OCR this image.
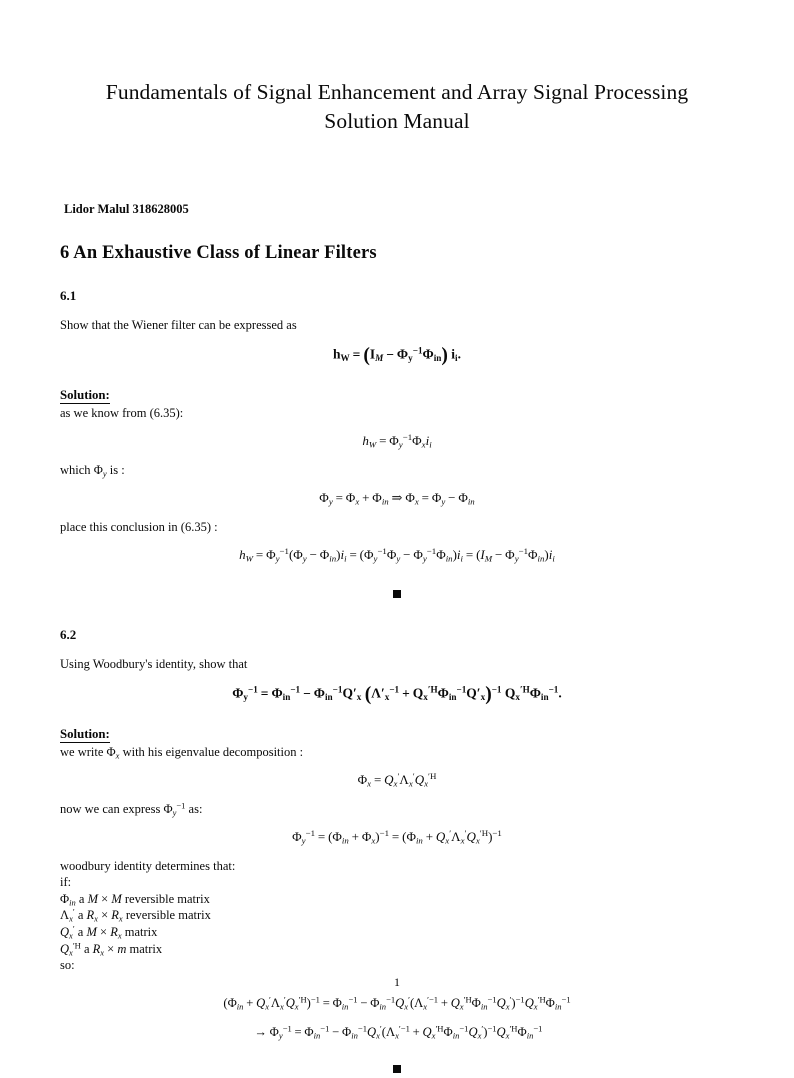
Fundamentals of Signal Enhancement and Array Signal Processing
Solution Manual
Lidor Malul 318628005
6 An Exhaustive Class of Linear Filters
6.1
Show that the Wiener filter can be expressed as
$h_W = (I_M - \Phi_y^{-1}\Phi_{in})$ $i_i$.
Solution:
as we know from (6.35):
$h_W = \Phi_y^{-1}\Phi_xi_i$
which $\Phi_y$ is :
$\Phi_y = \Phi_x + \Phi_{in}$ ⇒ $\Phi_x = \Phi_y - \Phi_{in}$
place this conclusion in (6.35) :
$h_W = \Phi_y^{-1}(\Phi_y - \Phi_{in})i_i = (\Phi_y^{-1}\Phi_y - \Phi_y^{-1}\Phi_{in})i_i = (I_M - \Phi_y^{-1}\Phi_{in})i_i$
6.2
Using Woodbury's identity, show that
$\Phi_y^{-1} = \Phi_{in}^{-1} - \Phi_{in}^{-1}Q'_x$ $(\Lambda'_x^{-1} + Q_x^{'H}\Phi_{in}^{-1}Q'_x)^{-1}$ $Q_x^{'H}\Phi_{in}^{-1}$.
Solution:
we write $\Phi_x$ with his eigenvalue decomposition :
$\Phi_x = Q_x'\Lambda_x'Q_x^{'H}$
now we can express $\Phi_y^{-1}$ as:
$\Phi_y^{-1} = (\Phi_{in} + \Phi_x)^{-1} = (\Phi_{in} + Q_x'\Lambda_x'Q_x^{'H})^{-1}$
woodbury identity determines that:
if:
$\Phi_{in}$ a M × M reversible matrix
$\Lambda_x'$ a $R_x \times R_x$ reversible matrix
$Q_x'$ a $M \times R_x$ matrix
$Q_x^{'H}$ a $R_x \times m$ matrix
so:
$(\Phi_{in} + Q_x'\Lambda_x'Q_x^{'H})^{-1} = \Phi_{in}^{-1} - \Phi_{in}^{-1}Q_x'(\Lambda_x^{'-1} + Q_x^{'H}\Phi_{in}^{-1}Q_x')^{-1}Q_x^{'H}\Phi_{in}^{-1}$
→ $\Phi_y^{-1} = \Phi_{in}^{-1} - \Phi_{in}^{-1}Q_x'(\Lambda_x^{'-1} + Q_x^{'H}\Phi_{in}^{-1}Q_x')^{-1}Q_x^{'H}\Phi_{in}^{-1}$
1
